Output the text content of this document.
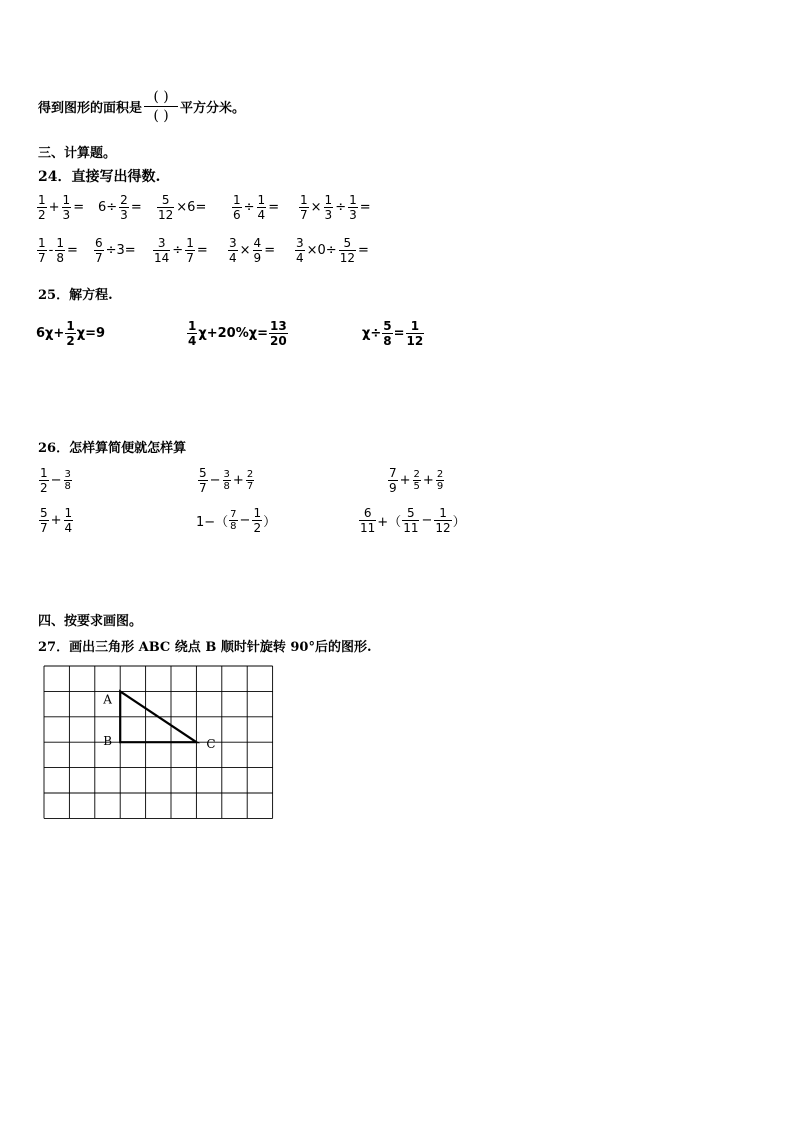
得到图形的面积是 $\frac{( )}{( )}$ 平方分米。
三、计算题。
24．直接写出得数.
$\frac{1}{2} + \frac{1}{3} = 6\div \frac{2}{3} = \frac{5}{12} \times 6= \frac{1}{6} \div \frac{1}{4} = \frac{1}{7} \times \frac{1}{3} \div \frac{1}{3}$ =
$\frac{1}{7} - \frac{1}{8} = \frac{6}{7} \div 3= \frac{3}{14} \div \frac{1}{7} = \frac{3}{4} \times \frac{4}{9} = \frac{3}{4} \times 0\div \frac{5}{12}$ =
25．解方程.
$6\chi+ \frac{1}{2} \chi=9$	$\frac{1}{4} \chi+20\%\chi= \frac{13}{20}$	$\chi\div \frac{5}{8} = \frac{1}{12}$
26．怎样算简便就怎样算
$\frac{1}{2} - \frac{3}{8}$	$\frac{5}{7} - \frac{3}{8} + \frac{2}{7}$	$\frac{7}{9} + \frac{2}{5} + \frac{2}{9}$
$\frac{5}{7} + \frac{1}{4}$	$1-( \frac{7}{8} - \frac{1}{2}$ ）	$\frac{6}{11}$ +（ $\frac{5}{11} - \frac{1}{12}$ ）
四、按要求画图。
27．画出三角形 ABC 绕点 B 顺时针旋转 90°后的图形.
A
B	C
